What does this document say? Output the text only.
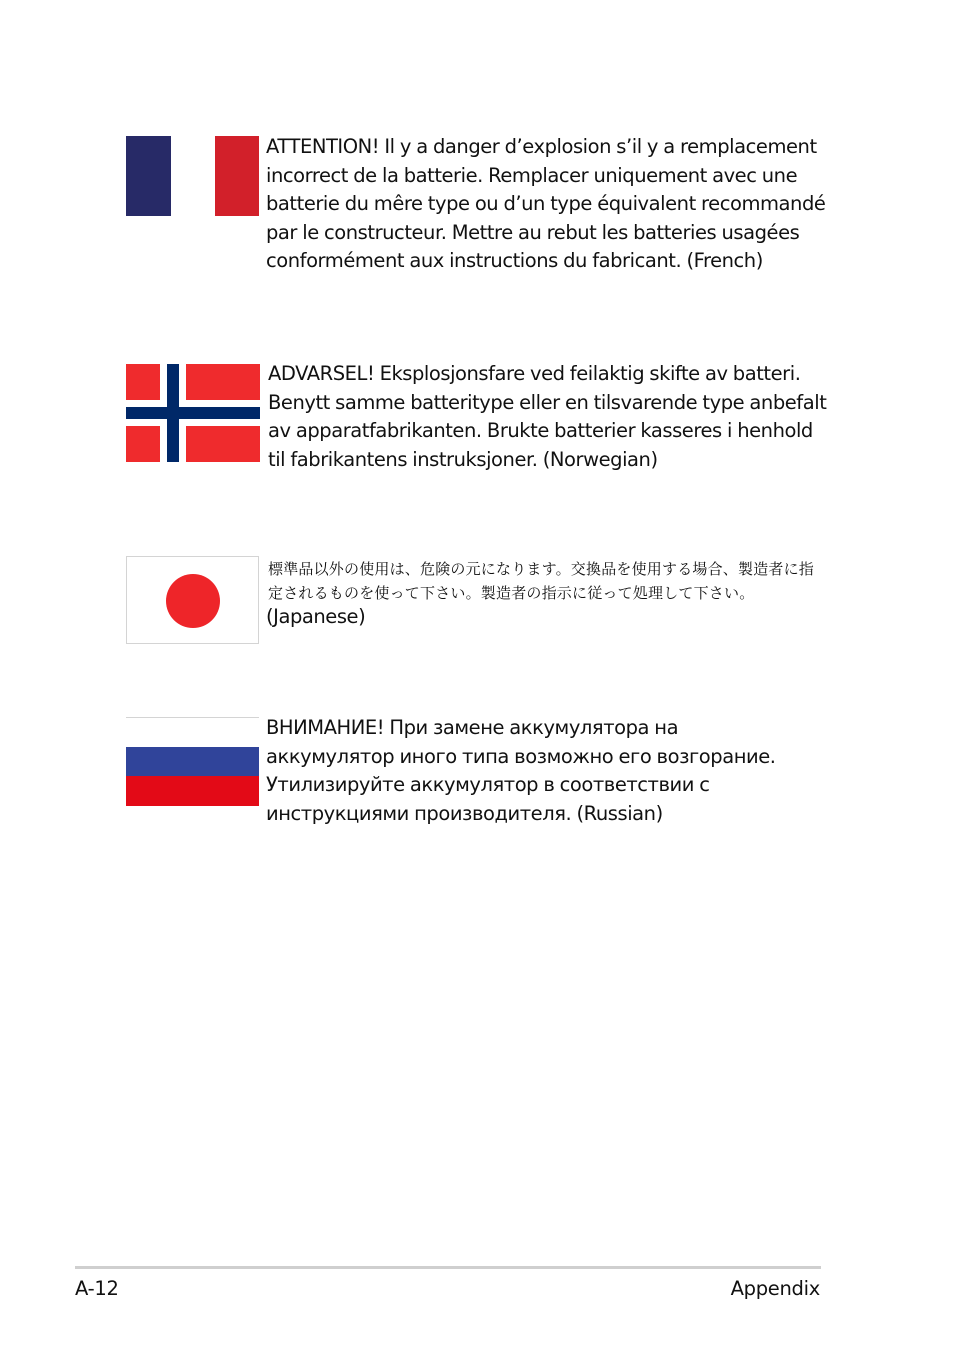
ATTENTION! Il y a danger d’explosion s’il y a remplacement incorrect de la batterie. Remplacer uniquement avec une batterie du mêre type ou d’un type équivalent recommandé par le constructeur. Mettre au rebut les batteries usagées conformément aux instructions du fabricant. (French)
ADVARSEL! Eksplosjonsfare ved feilaktig skifte av batteri. Benytt samme batteritype eller en tilsvarende type anbefalt av apparatfabrikanten. Brukte batterier kasseres i henhold til fabrikantens instruksjoner. (Norwegian)
標準品以外の使用は、危険の元になります。交換品を使用する場合、製造者に指定されるものを使って下さい。製造者の指示に従って処理して下さい。
(Japanese)
ВНИМАНИЕ! При замене аккумулятора на аккумулятор иного типа возможно его возгорание. Утилизируйте аккумулятор в соответствии с инструкциями производителя. (Russian)
A-12	Appendix
